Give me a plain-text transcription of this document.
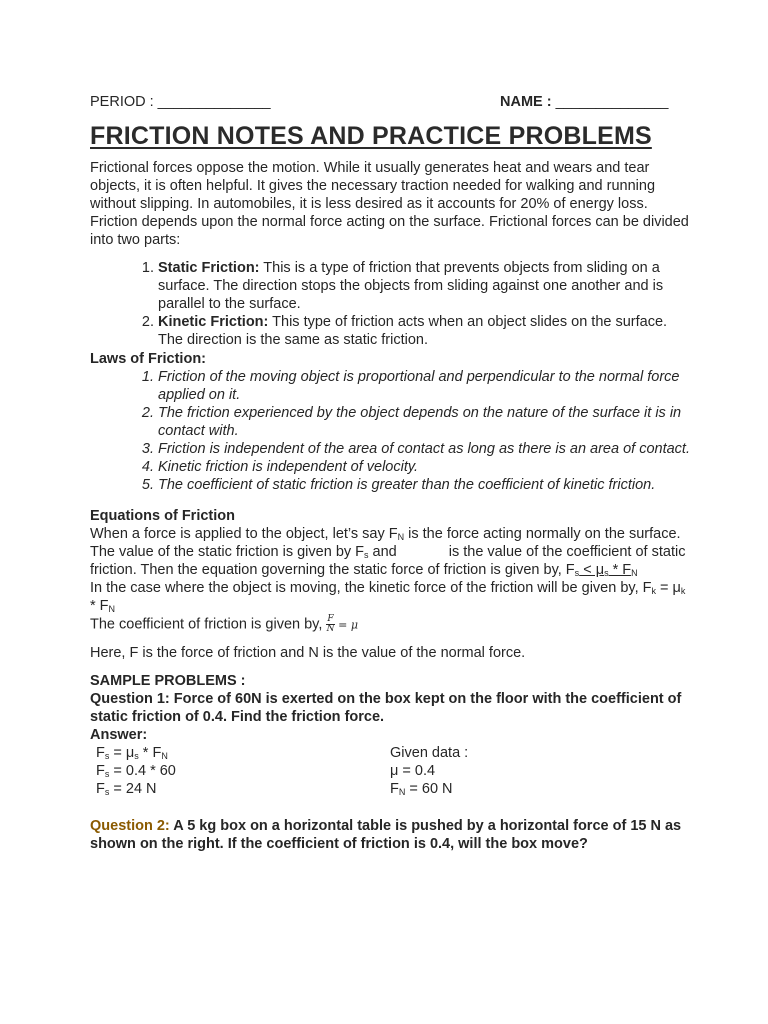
PERIOD : ______________	NAME : ______________
FRICTION NOTES AND PRACTICE PROBLEMS

Frictional forces oppose the motion. While it usually generates heat and wears and tear objects, it is often helpful. It gives the necessary traction needed for walking and running without slipping. In automobiles, it is less desired as it accounts for 20% of energy loss. Friction depends upon the normal force acting on the surface. Frictional forces can be divided into two parts:

1. Static Friction: This is a type of friction that prevents objects from sliding on a surface. The direction stops the objects from sliding against one another and is parallel to the surface.
2. Kinetic Friction: This type of friction acts when an object slides on the surface. The direction is the same as static friction.
Laws of Friction:
1. Friction of the moving object is proportional and perpendicular to the normal force applied on it.
2. The friction experienced by the object depends on the nature of the surface it is in contact with.
3. Friction is independent of the area of contact as long as there is an area of contact.
4. Kinetic friction is independent of velocity.
5. The coefficient of static friction is greater than the coefficient of kinetic friction.
Equations of Friction

When a force is applied to the object, let’s say $F_N$ is the force acting normally on the surface. The value of the static friction is given by $F_s$ and	is the value of the coefficient of static friction. Then the equation governing the static force of friction is given by, $F_s < \mu_s * F_N$

In the case where the object is moving, the kinetic force of the friction will be given by, $F_k = \mu_k * F_N$

The coefficient of friction is given by, $\frac{F}{N} = \mu$

Here, F is the force of friction and N is the value of the normal force.

SAMPLE PROBLEMS :

Question 1: Force of 60N is exerted on the box kept on the floor with the coefficient of static friction of 0.4. Find the friction force.

Answer:
$F_s = \mu_s * F_N$
$F_s = 0.4 * 60$
$F_s = 24$ N
Given data :
μ = 0.4
$F_N = 60$ N

Question 2: A 5 kg box on a horizontal table is pushed by a horizontal force of 15 N as shown on the right. If the coefficient of friction is 0.4, will the box move?
